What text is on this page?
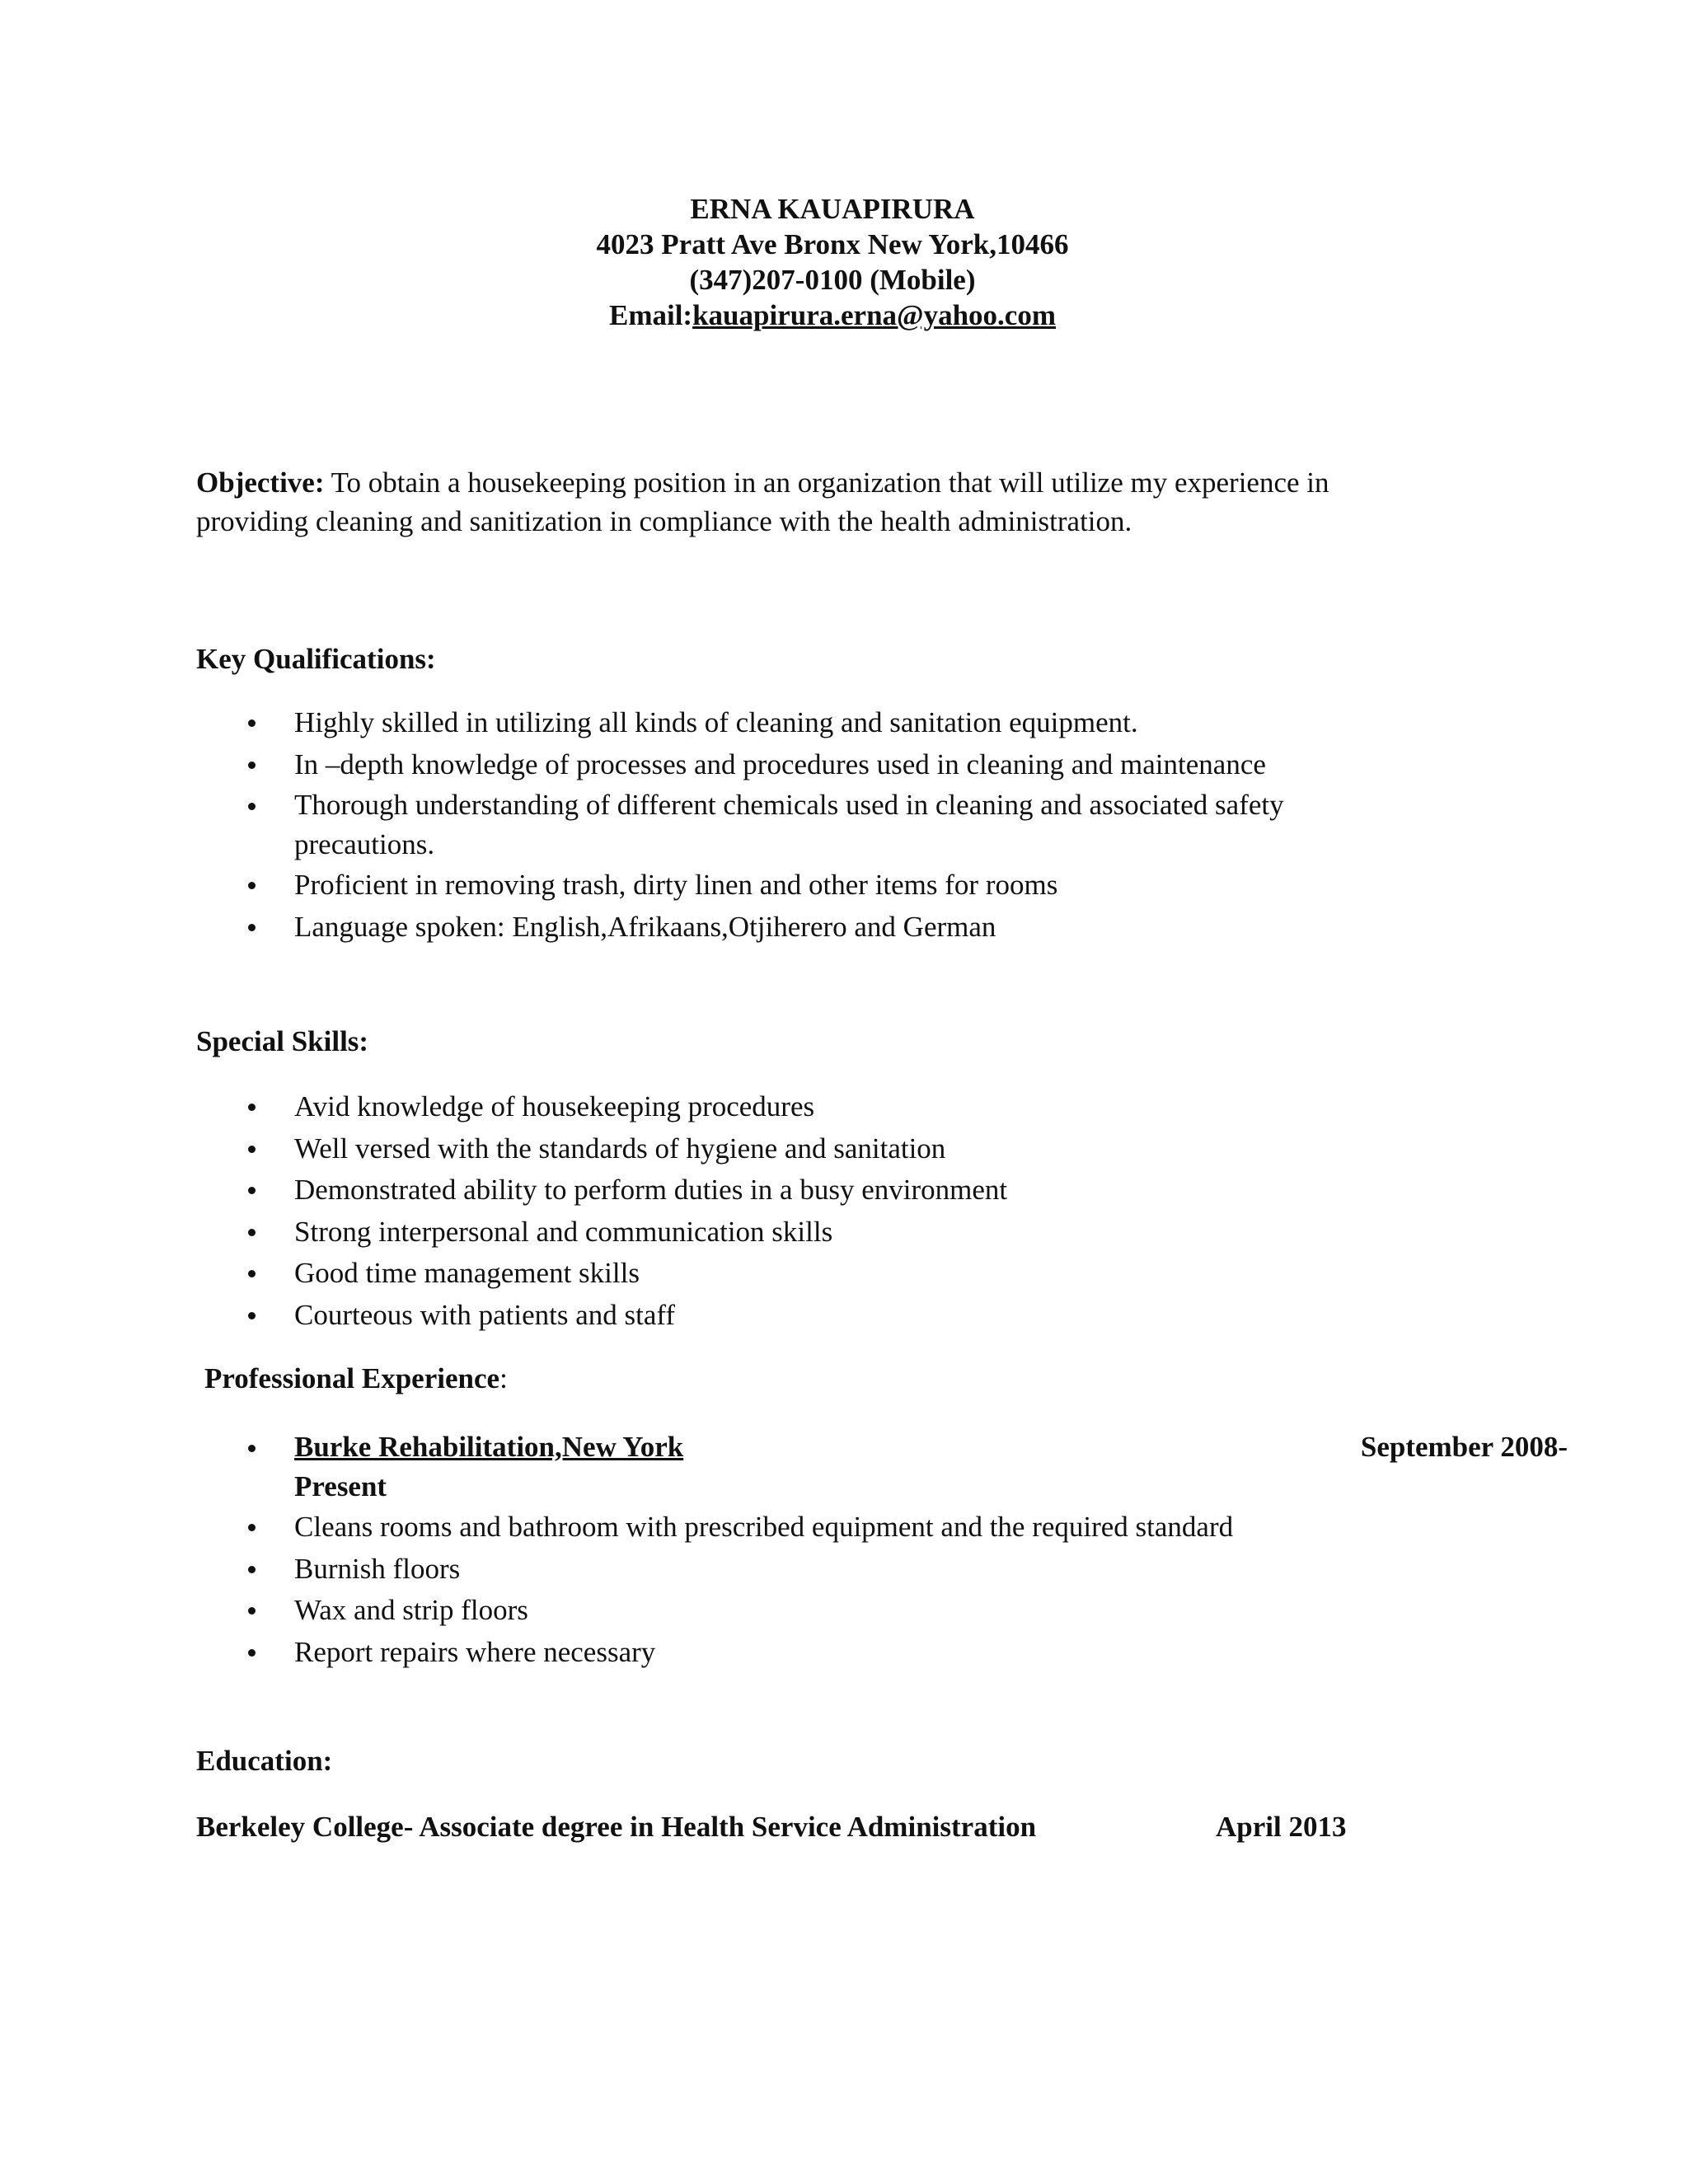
ERNA KAUAPIRURA
4023 Pratt Ave Bronx New York,10466
(347)207-0100 (Mobile)
Email:kauapirura.erna@yahoo.com
Objective: To obtain a housekeeping position in an organization that will utilize my experience in
providing cleaning and sanitization in compliance with the health administration.
Key Qualifications:
Highly skilled in utilizing all kinds of cleaning and sanitation equipment.
In –depth knowledge of processes and procedures used in cleaning and maintenance
Thorough understanding of different chemicals used in cleaning and associated safety
precautions.
Proficient in removing trash, dirty linen and other items for rooms
Language spoken: English,Afrikaans,Otjiherero and German
Special Skills:
Avid knowledge of housekeeping procedures
Well versed with the standards of hygiene and sanitation
Demonstrated ability to perform duties in a busy environment
Strong interpersonal and communication skills
Good time management skills
Courteous with patients and staff
Professional Experience:
Burke Rehabilitation,New York	September 2008-
Present
Cleans rooms and bathroom with prescribed equipment and the required standard
Burnish floors
Wax and strip floors
Report repairs where necessary
Education:
Berkeley College- Associate degree in Health Service Administration	April 2013
